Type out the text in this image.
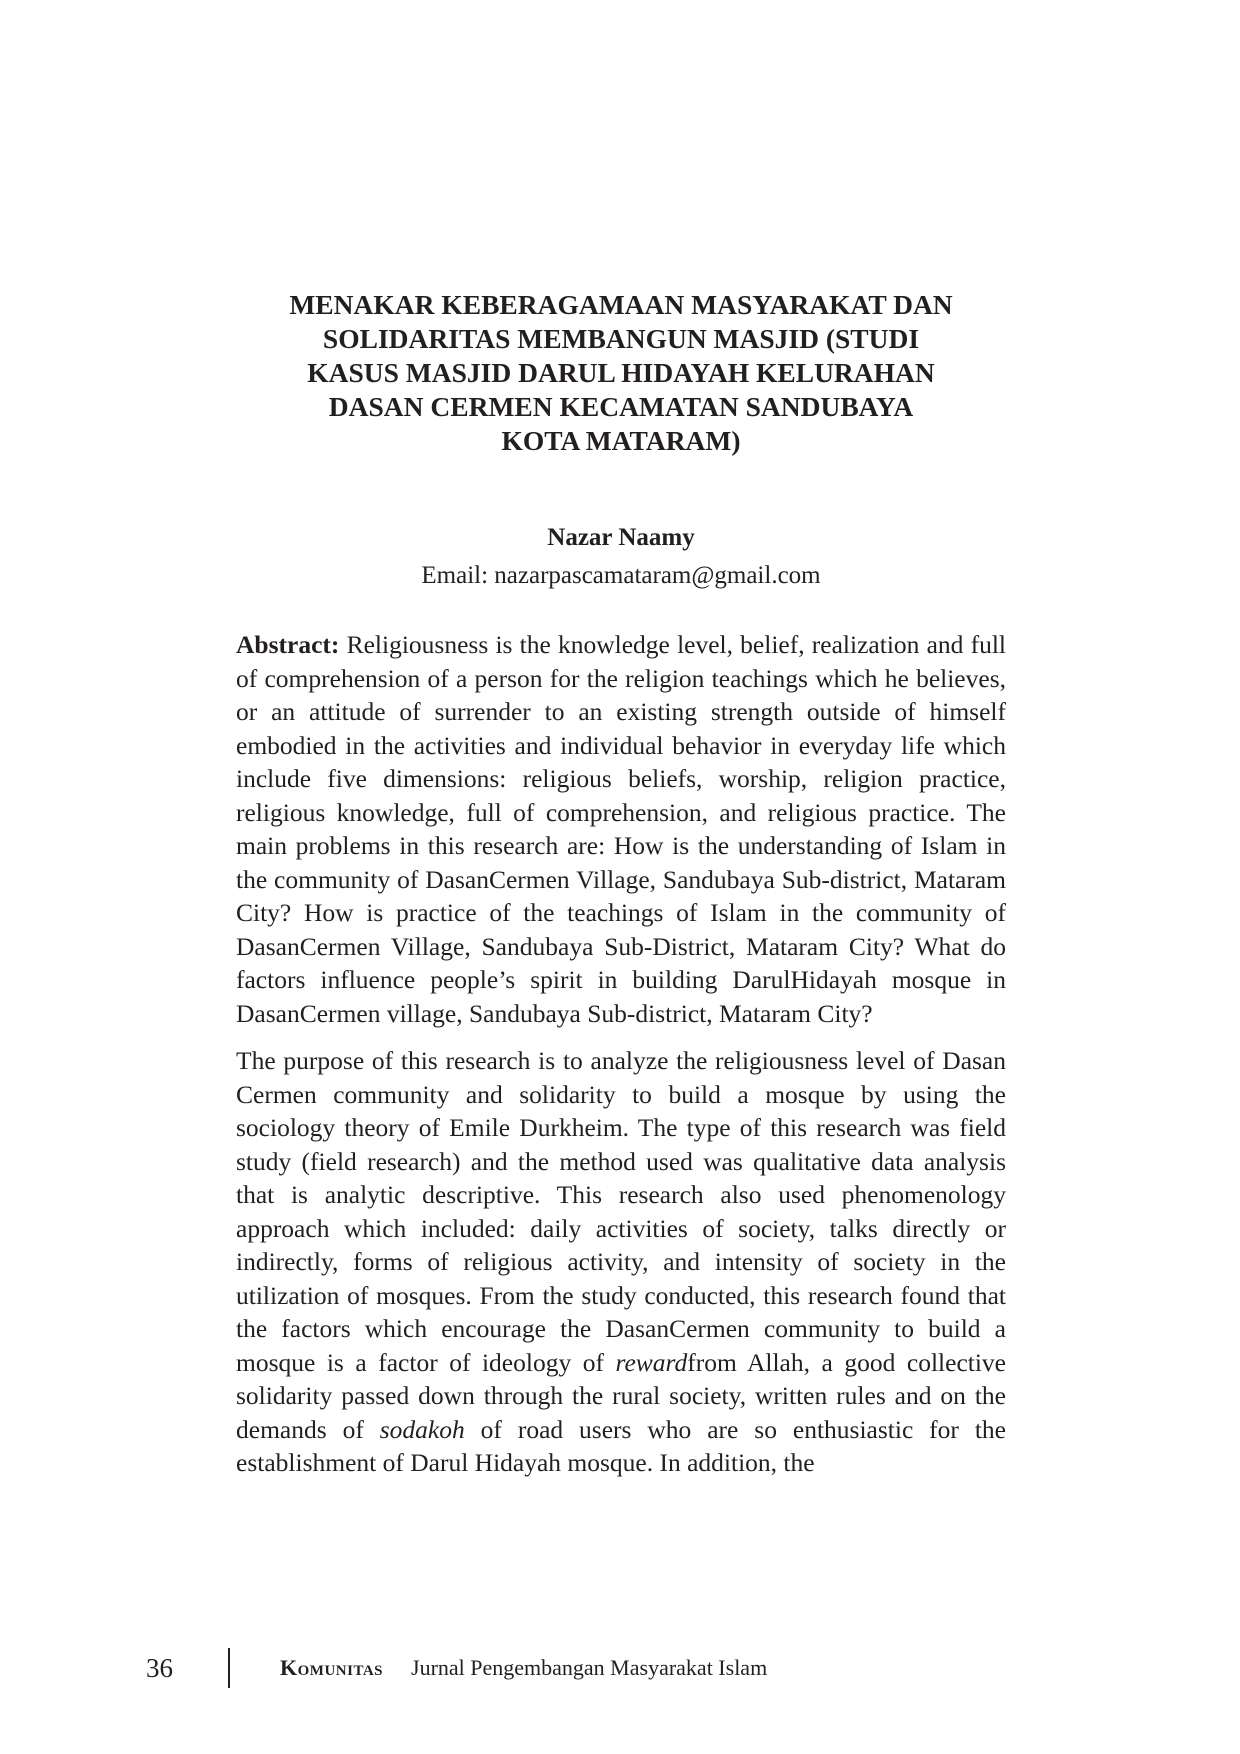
MENAKAR KEBERAGAMAAN MASYARAKAT DAN
SOLIDARITAS MEMBANGUN MASJID (STUDI
KASUS MASJID DARUL HIDAYAH KELURAHAN
DASAN CERMEN KECAMATAN SANDUBAYA
KOTA MATARAM)
Nazar Naamy
Email: nazarpascamataram@gmail.com

Abstract: Religiousness is the knowledge level, belief, realization and full of comprehension of a person for the religion teachings which he believes, or an attitude of surrender to an existing strength outside of himself embodied in the activities and individual behavior in everyday life which include five dimensions: religious beliefs, worship, religion practice, religious knowledge, full of comprehension, and religious practice. The main problems in this research are: How is the understanding of Islam in the community of DasanCermen Village, Sandubaya Sub-district, Mataram City? How is practice of the teachings of Islam in the community of DasanCermen Village, Sandubaya Sub-District, Mataram City? What do factors influence people’s spirit in building DarulHidayah mosque in DasanCermen village, Sandubaya Sub-district, Mataram City?

The purpose of this research is to analyze the religiousness level of Dasan Cermen community and solidarity to build a mosque by using the sociology theory of Emile Durkheim. The type of this research was field study (field research) and the method used was qualitative data analysis that is analytic descriptive. This research also used phenomenology approach which included: daily activities of society, talks directly or indirectly, forms of religious activity, and intensity of society in the utilization of mosques. From the study conducted, this research found that the factors which encourage the DasanCermen community to build a mosque is a factor of ideology of rewardfrom Allah, a good collective solidarity passed down through the rural society, written rules and on the demands of sodakoh of road users who are so enthusiastic for the establishment of Darul Hidayah mosque. In addition, the

36	Komunitas Jurnal Pengembangan Masyarakat Islam
